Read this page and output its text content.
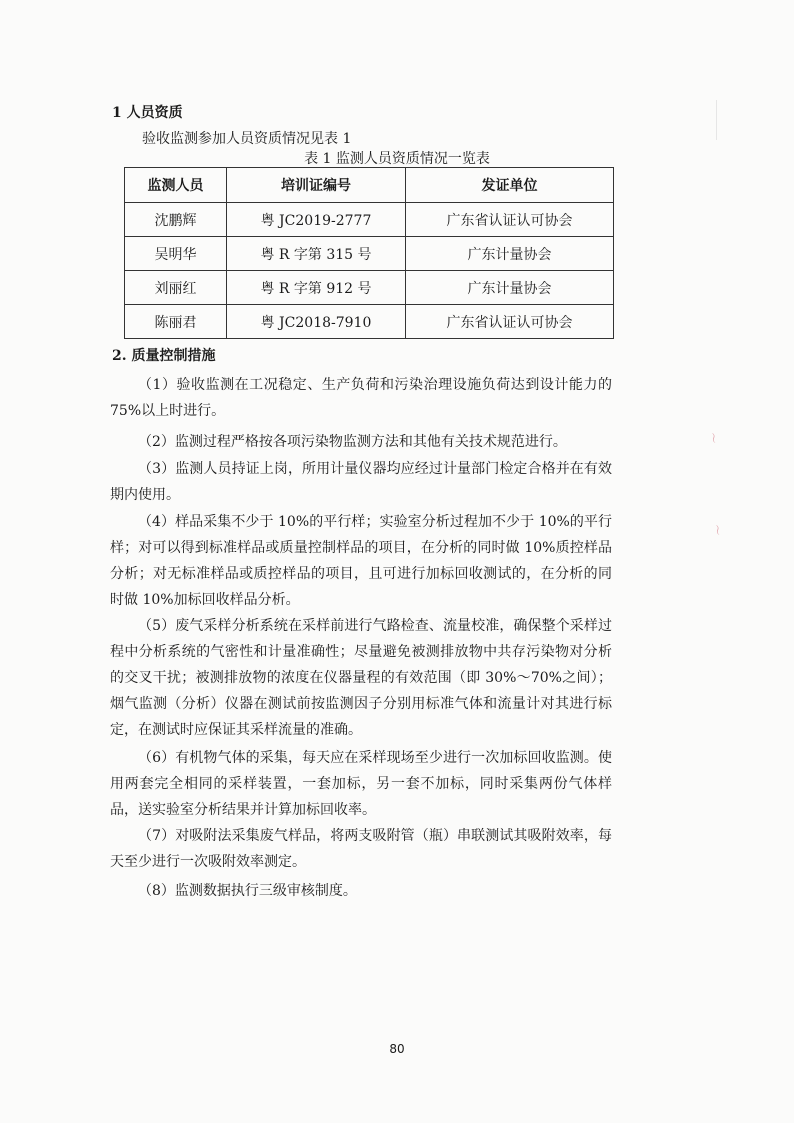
1 人员资质
验收监测参加人员资质情况见表 1
表 1 监测人员资质情况一览表
监测人员	培训证编号	发证单位
沈鹏辉	粤 JC2019-2777	广东省认证认可协会
吴明华	粤 R 字第 315 号	广东计量协会
刘丽红	粤 R 字第 912 号	广东计量协会
陈丽君	粤 JC2018-7910	广东省认证认可协会
2. 质量控制措施

（1）验收监测在工况稳定、生产负荷和污染治理设施负荷达到设计能力的75%以上时进行。

（2）监测过程严格按各项污染物监测方法和其他有关技术规范进行。

（3）监测人员持证上岗，所用计量仪器均应经过计量部门检定合格并在有效期内使用。

（4）样品采集不少于 10%的平行样；实验室分析过程加不少于 10%的平行样；对可以得到标准样品或质量控制样品的项目，在分析的同时做 10%质控样品分析；对无标准样品或质控样品的项目，且可进行加标回收测试的，在分析的同时做 10%加标回收样品分析。

（5）废气采样分析系统在采样前进行气路检查、流量校准，确保整个采样过程中分析系统的气密性和计量准确性；尽量避免被测排放物中共存污染物对分析的交叉干扰；被测排放物的浓度在仪器量程的有效范围（即 30%～70%之间）；烟气监测（分析）仪器在测试前按监测因子分别用标准气体和流量计对其进行标定，在测试时应保证其采样流量的准确。

（6）有机物气体的采集，每天应在采样现场至少进行一次加标回收监测。使用两套完全相同的采样装置，一套加标，另一套不加标，同时采集两份气体样品，送实验室分析结果并计算加标回收率。

（7）对吸附法采集废气样品，将两支吸附管（瓶）串联测试其吸附效率，每天至少进行一次吸附效率测定。

（8）监测数据执行三级审核制度。

〜
〜
80
